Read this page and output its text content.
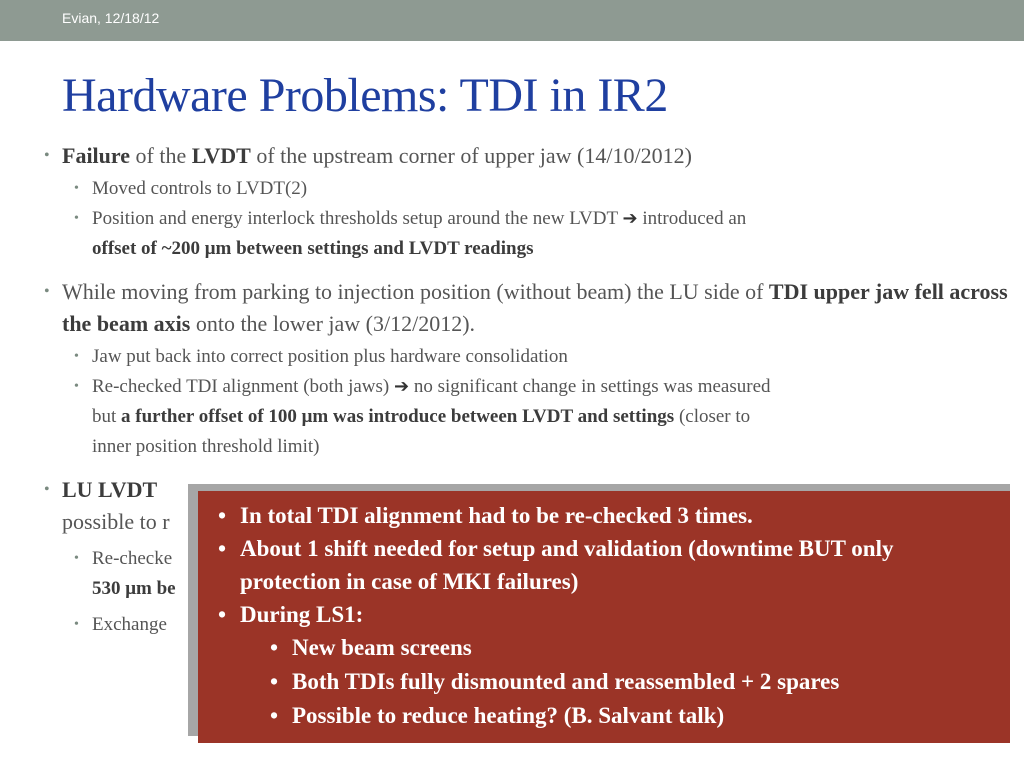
Evian, 12/18/12
Hardware Problems: TDI in IR2

• Failure of the LVDT of the upstream corner of upper jaw (14/10/2012)

• Moved controls to LVDT(2)

• Position and energy interlock thresholds setup around the new LVDT ➔ introduced an
offset of ~200 μm between settings and LVDT readings

• While moving from parking to injection position (without beam) the LU side of TDI upper jaw fell across the beam axis onto the lower jaw (3/12/2012).

• Jaw put back into correct position plus hardware consolidation

• Re-checked TDI alignment (both jaws) ➔ no significant change in settings was measured
but a further offset of 100 μm was introduce between LVDT and settings (closer to
inner position threshold limit)

• LU LVDT
possible to r

• Re-checke
530 μm be

• Exchange

• In total TDI alignment had to be re-checked 3 times.

• About 1 shift needed for setup and validation (downtime BUT only protection in case of MKI failures)

• During LS1:

• New beam screens

• Both TDIs fully dismounted and reassembled + 2 spares

• Possible to reduce heating? (B. Salvant talk)
